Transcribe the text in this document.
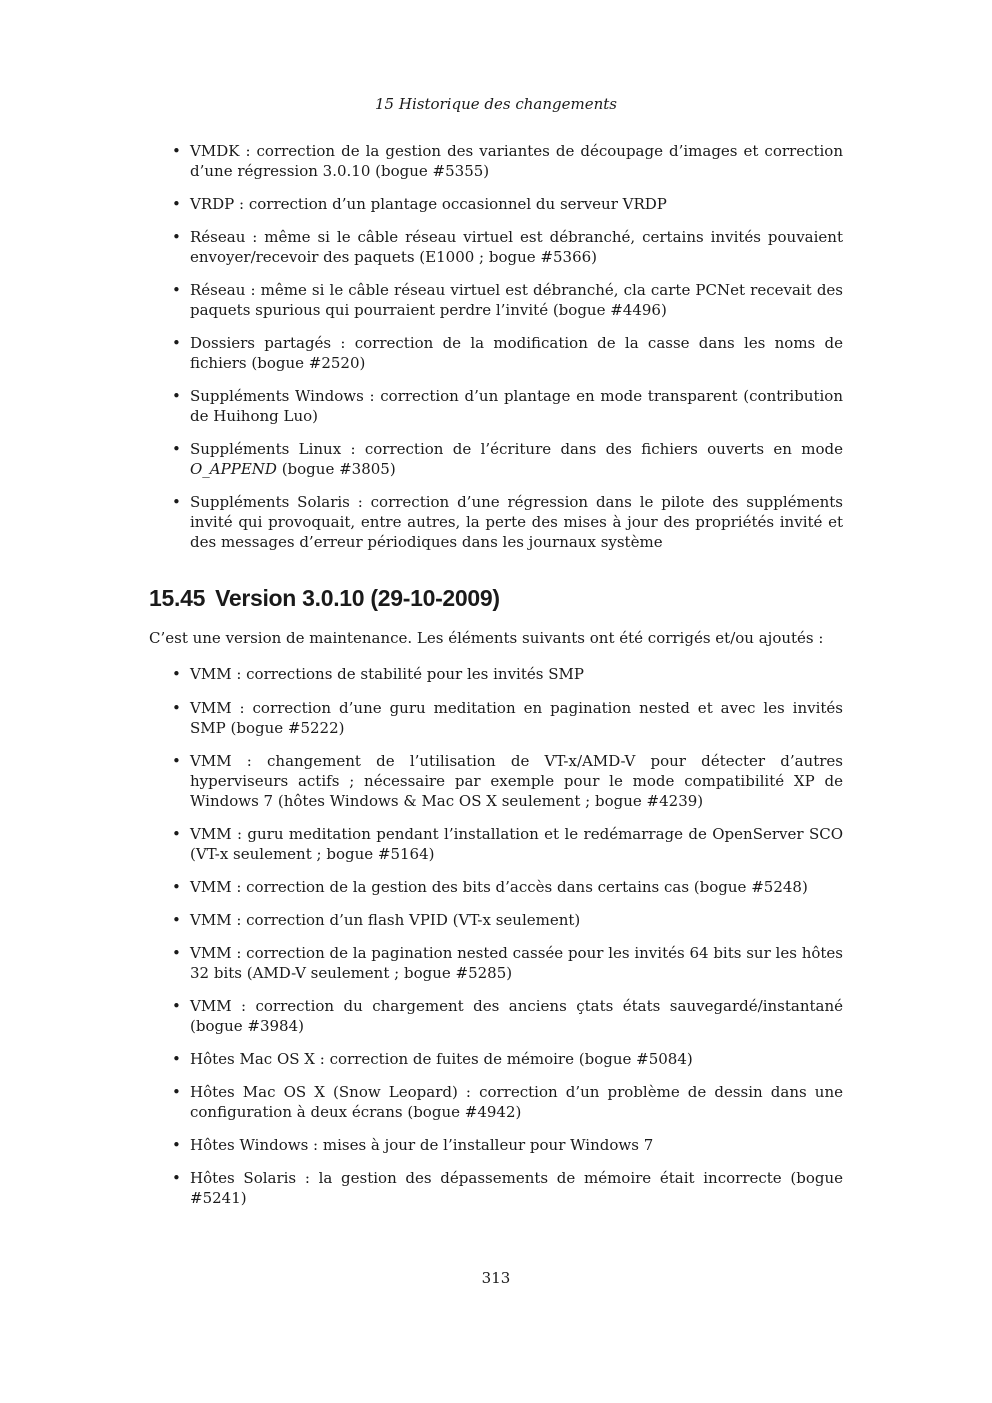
15 Historique des changements
• VMDK : correction de la gestion des variantes de découpage d’images et correction d’une régression 3.0.10 (bogue #5355)
• VRDP : correction d’un plantage occasionnel du serveur VRDP
• Réseau : même si le câble réseau virtuel est débranché, certains invités pouvaient envoyer/recevoir des paquets (E1000 ; bogue #5366)
• Réseau : même si le câble réseau virtuel est débranché, cla carte PCNet recevait des paquets spurious qui pourraient perdre l’invité (bogue #4496)
• Dossiers partagés : correction de la modification de la casse dans les noms de fichiers (bogue #2520)
• Suppléments Windows : correction d’un plantage en mode transparent (contribution de Huihong Luo)
• Suppléments Linux : correction de l’écriture dans des fichiers ouverts en mode O_APPEND (bogue #3805)
• Suppléments Solaris : correction d’une régression dans le pilote des suppléments invité qui provoquait, entre autres, la perte des mises à jour des propriétés invité et des messages d’erreur périodiques dans les journaux système
15.45 Version 3.0.10 (29-10-2009)

C’est une version de maintenance. Les éléments suivants ont été corrigés et/ou ajoutés :

• VMM : corrections de stabilité pour les invités SMP
• VMM : correction d’une guru meditation en pagination nested et avec les invités SMP (bogue #5222)
• VMM : changement de l’utilisation de VT-x/AMD-V pour détecter d’autres hyperviseurs actifs ; nécessaire par exemple pour le mode compatibilité XP de Windows 7 (hôtes Windows & Mac OS X seulement ; bogue #4239)
• VMM : guru meditation pendant l’installation et le redémarrage de OpenServer SCO (VT-x seulement ; bogue #5164)
• VMM : correction de la gestion des bits d’accès dans certains cas (bogue #5248)
• VMM : correction d’un flash VPID (VT-x seulement)
• VMM : correction de la pagination nested cassée pour les invités 64 bits sur les hôtes 32 bits (AMD-V seulement ; bogue #5285)
• VMM : correction du chargement des anciens çtats états sauvegardé/instantané (bogue #3984)
• Hôtes Mac OS X : correction de fuites de mémoire (bogue #5084)
• Hôtes Mac OS X (Snow Leopard) : correction d’un problème de dessin dans une configuration à deux écrans (bogue #4942)
• Hôtes Windows : mises à jour de l’installeur pour Windows 7
• Hôtes Solaris : la gestion des dépassements de mémoire était incorrecte (bogue #5241)
313
